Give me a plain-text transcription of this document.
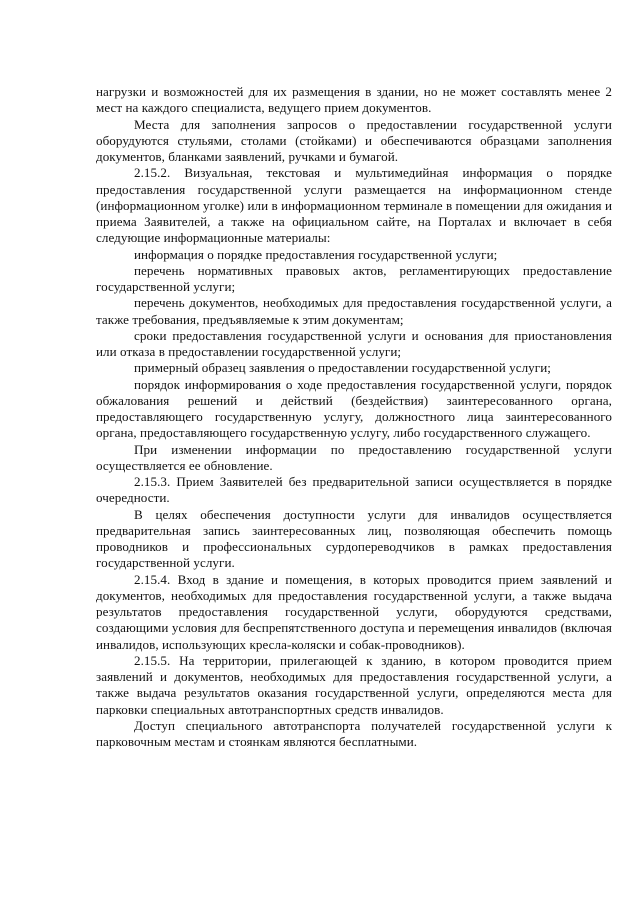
нагрузки и возможностей для их размещения в здании, но не может составлять менее 2 мест на каждого специалиста, ведущего прием документов.

Места для заполнения запросов о предоставлении государственной услуги оборудуются стульями, столами (стойками) и обеспечиваются образцами заполнения документов, бланками заявлений, ручками и бумагой.

2.15.2. Визуальная, текстовая и мультимедийная информация о порядке предоставления государственной услуги размещается на информационном стенде (информационном уголке) или в информационном терминале в помещении для ожидания и приема Заявителей, а также на официальном сайте, на Порталах и включает в себя следующие информационные материалы:

информация о порядке предоставления государственной услуги;

перечень нормативных правовых актов, регламентирующих предоставление государственной услуги;

перечень документов, необходимых для предоставления государственной услуги, а также требования, предъявляемые к этим документам;

сроки предоставления государственной услуги и основания для приостановления или отказа в предоставлении государственной услуги;

примерный образец заявления о предоставлении государственной услуги;

порядок информирования о ходе предоставления государственной услуги, порядок обжалования решений и действий (бездействия) заинтересованного органа, предоставляющего государственную услугу, должностного лица заинтересованного органа, предоставляющего государственную услугу, либо государственного служащего.

При изменении информации по предоставлению государственной услуги осуществляется ее обновление.

2.15.3. Прием Заявителей без предварительной записи осуществляется в порядке очередности.

В целях обеспечения доступности услуги для инвалидов осуществляется предварительная запись заинтересованных лиц, позволяющая обеспечить помощь проводников и профессиональных сурдопереводчиков в рамках предоставления государственной услуги.

2.15.4. Вход в здание и помещения, в которых проводится прием заявлений и документов, необходимых для предоставления государственной услуги, а также выдача результатов предоставления государственной услуги, оборудуются средствами, создающими условия для беспрепятственного доступа и перемещения инвалидов (включая инвалидов, использующих кресла-коляски и собак-проводников).

2.15.5. На территории, прилегающей к зданию, в котором проводится прием заявлений и документов, необходимых для предоставления государственной услуги, а также выдача результатов оказания государственной услуги, определяются места для парковки специальных автотранспортных средств инвалидов.

Доступ специального автотранспорта получателей государственной услуги к парковочным местам и стоянкам являются бесплатными.
